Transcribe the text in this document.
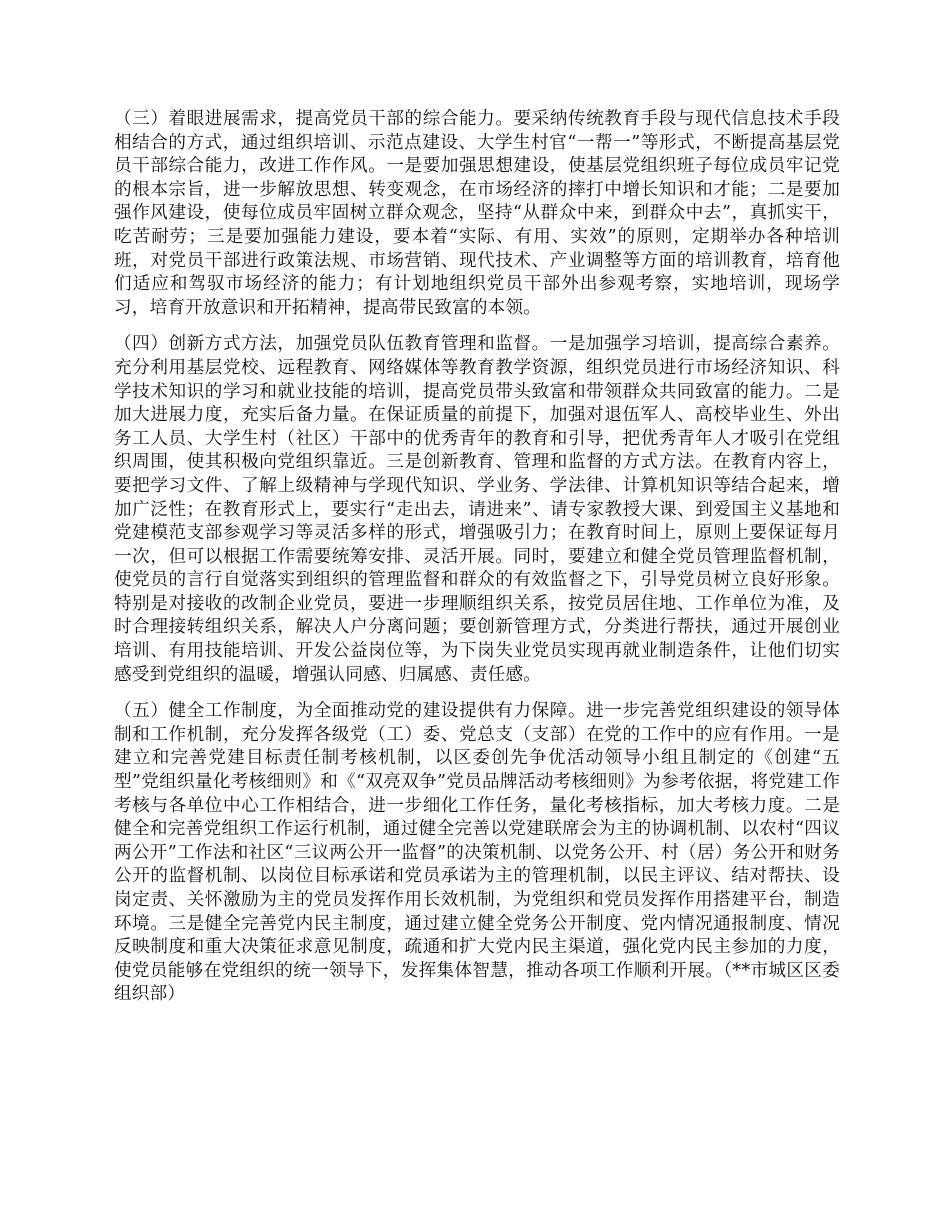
（三）着眼进展需求，提高党员干部的综合能力。要采纳传统教育手段与现代信息技术手段相结合的方式，通过组织培训、示范点建设、大学生村官“一帮一”等形式，不断提高基层党员干部综合能力，改进工作作风。一是要加强思想建设，使基层党组织班子每位成员牢记党的根本宗旨，进一步解放思想、转变观念，在市场经济的摔打中增长知识和才能；二是要加强作风建设，使每位成员牢固树立群众观念，坚持“从群众中来，到群众中去”，真抓实干，吃苦耐劳；三是要加强能力建设，要本着“实际、有用、实效”的原则，定期举办各种培训班，对党员干部进行政策法规、市场营销、现代技术、产业调整等方面的培训教育，培育他们适应和驾驭市场经济的能力；有计划地组织党员干部外出参观考察，实地培训，现场学习，培育开放意识和开拓精神，提高带民致富的本领。

（四）创新方式方法，加强党员队伍教育管理和监督。一是加强学习培训，提高综合素养。充分利用基层党校、远程教育、网络媒体等教育教学资源，组织党员进行市场经济知识、科学技术知识的学习和就业技能的培训，提高党员带头致富和带领群众共同致富的能力。二是加大进展力度，充实后备力量。在保证质量的前提下，加强对退伍军人、高校毕业生、外出务工人员、大学生村（社区）干部中的优秀青年的教育和引导，把优秀青年人才吸引在党组织周围，使其积极向党组织靠近。三是创新教育、管理和监督的方式方法。在教育内容上，要把学习文件、了解上级精神与学现代知识、学业务、学法律、计算机知识等结合起来，增加广泛性；在教育形式上，要实行“走出去，请进来”、请专家教授大课、到爱国主义基地和党建模范支部参观学习等灵活多样的形式，增强吸引力；在教育时间上，原则上要保证每月一次，但可以根据工作需要统筹安排、灵活开展。同时，要建立和健全党员管理监督机制，使党员的言行自觉落实到组织的管理监督和群众的有效监督之下，引导党员树立良好形象。特别是对接收的改制企业党员，要进一步理顺组织关系，按党员居住地、工作单位为准，及时合理接转组织关系，解决人户分离问题；要创新管理方式，分类进行帮扶，通过开展创业培训、有用技能培训、开发公益岗位等，为下岗失业党员实现再就业制造条件，让他们切实感受到党组织的温暖，增强认同感、归属感、责任感。

（五）健全工作制度，为全面推动党的建设提供有力保障。进一步完善党组织建设的领导体制和工作机制，充分发挥各级党（工）委、党总支（支部）在党的工作中的应有作用。一是建立和完善党建目标责任制考核机制，以区委创先争优活动领导小组且制定的《创建“五型”党组织量化考核细则》和《“双亮双争”党员品牌活动考核细则》为参考依据，将党建工作考核与各单位中心工作相结合，进一步细化工作任务，量化考核指标，加大考核力度。二是健全和完善党组织工作运行机制，通过健全完善以党建联席会为主的协调机制、以农村“四议两公开”工作法和社区“三议两公开一监督”的决策机制、以党务公开、村（居）务公开和财务公开的监督机制、以岗位目标承诺和党员承诺为主的管理机制，以民主评议、结对帮扶、设岗定责、关怀激励为主的党员发挥作用长效机制，为党组织和党员发挥作用搭建平台，制造环境。三是健全完善党内民主制度，通过建立健全党务公开制度、党内情况通报制度、情况反映制度和重大决策征求意见制度，疏通和扩大党内民主渠道，强化党内民主参加的力度，使党员能够在党组织的统一领导下，发挥集体智慧，推动各项工作顺利开展。（**市城区区委组织部）
